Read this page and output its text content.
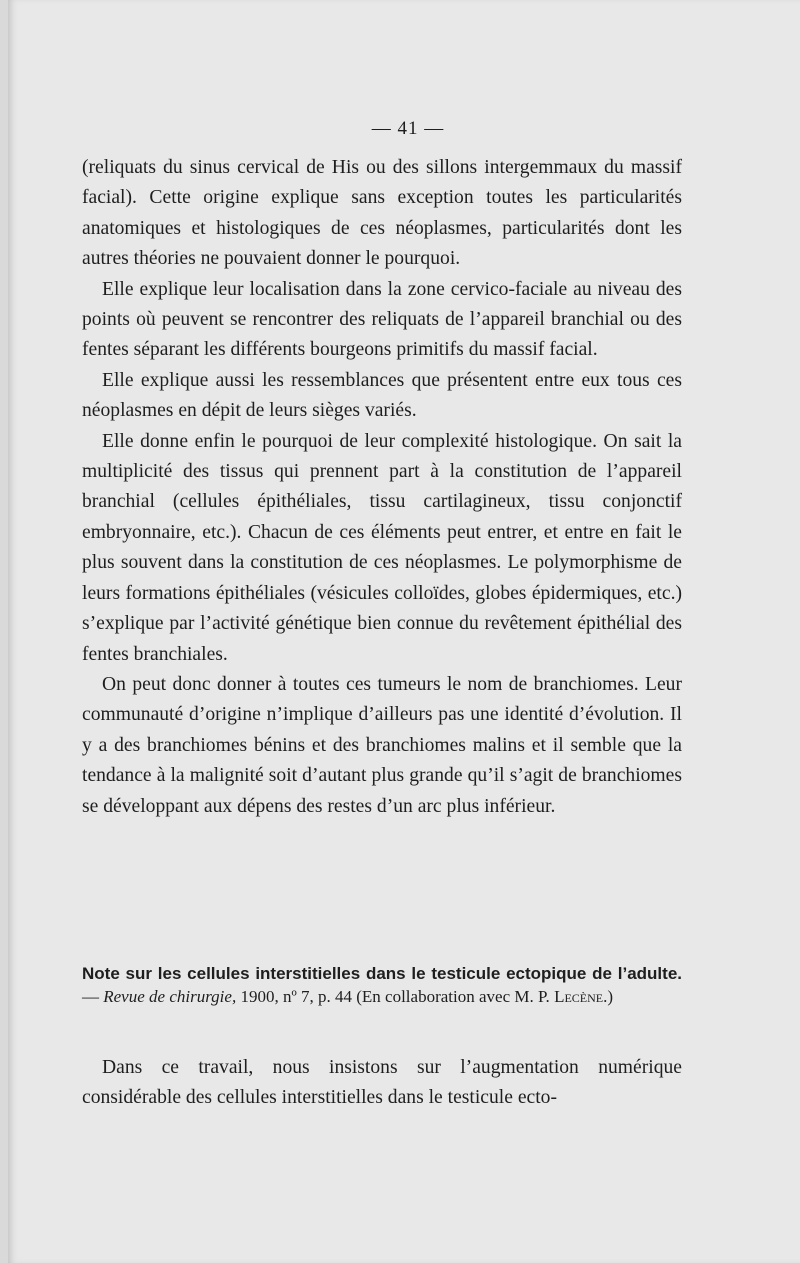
— 41 —

(reliquats du sinus cervical de His ou des sillons intergemmaux du massif facial). Cette origine explique sans exception toutes les particularités anatomiques et histologiques de ces néoplasmes, particularités dont les autres théories ne pouvaient donner le pourquoi.

Elle explique leur localisation dans la zone cervico-faciale au niveau des points où peuvent se rencontrer des reliquats de l’appareil branchial ou des fentes séparant les différents bourgeons primitifs du massif facial.

Elle explique aussi les ressemblances que présentent entre eux tous ces néoplasmes en dépit de leurs sièges variés.

Elle donne enfin le pourquoi de leur complexité histologique. On sait la multiplicité des tissus qui prennent part à la constitution de l’appareil branchial (cellules épithéliales, tissu cartilagineux, tissu conjonctif embryonnaire, etc.). Chacun de ces éléments peut entrer, et entre en fait le plus souvent dans la constitution de ces néoplasmes. Le polymorphisme de leurs formations épithéliales (vésicules colloïdes, globes épidermiques, etc.) s’explique par l’activité génétique bien connue du revêtement épithélial des fentes branchiales.

On peut donc donner à toutes ces tumeurs le nom de branchiomes. Leur communauté d’origine n’implique d’ailleurs pas une identité d’évolution. Il y a des branchiomes bénins et des branchiomes malins et il semble que la tendance à la malignité soit d’autant plus grande qu’il s’agit de branchiomes se développant aux dépens des restes d’un arc plus inférieur.

Note sur les cellules interstitielles dans le testicule ectopique de l’adulte. — Revue de chirurgie, 1900, nº 7, p. 44 (En collaboration avec M. P. Lecène.)

Dans ce travail, nous insistons sur l’augmentation numérique considérable des cellules interstitielles dans le testicule ecto-
